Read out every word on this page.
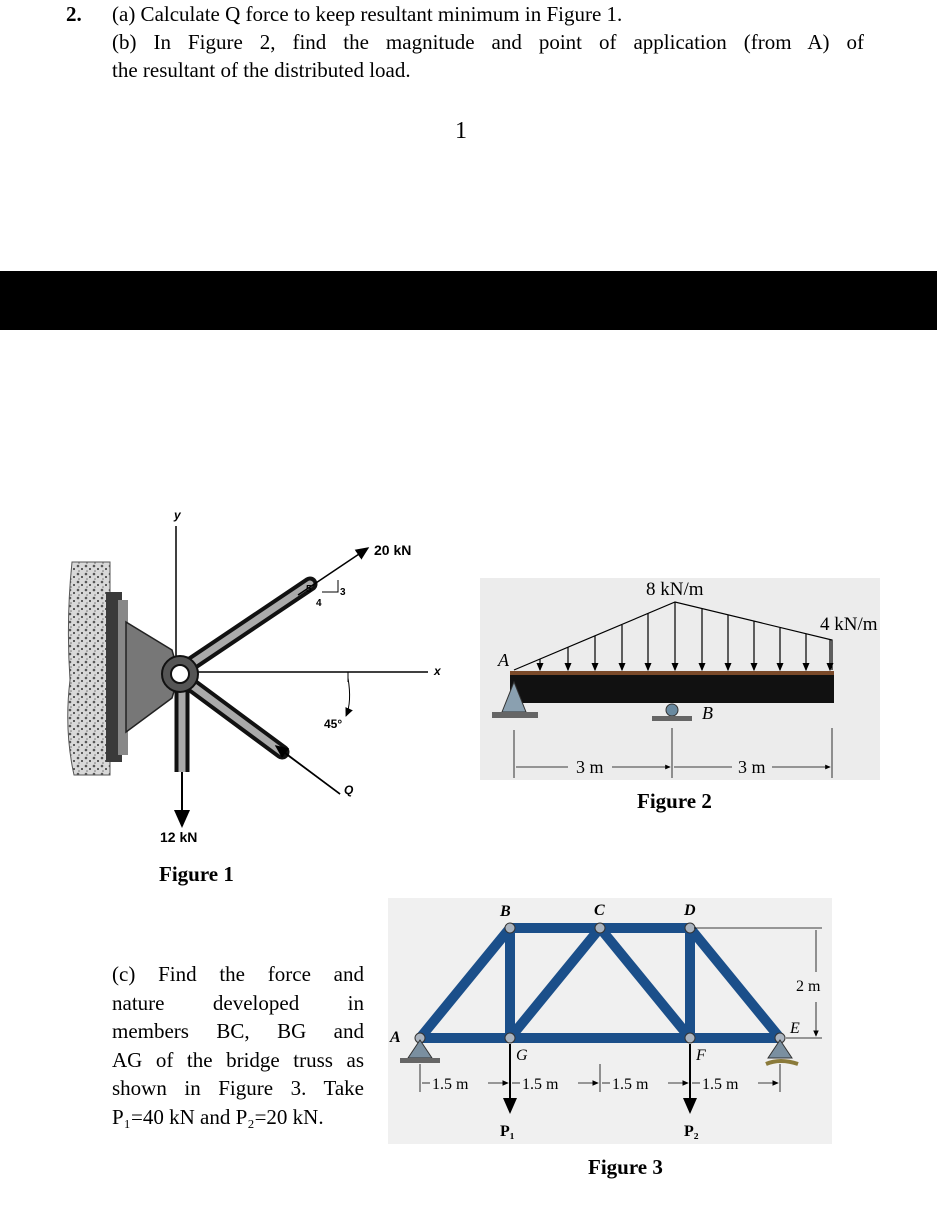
2. (a) Calculate Q force to keep resultant minimum in Figure 1.
(b) In Figure 2, find the magnitude and point of application (from A) of
the resultant of the distributed load.
1
y
x
20 kN
5	3
4
45°
Q
12 kN
Figure 1
8 kN/m
4 kN/m
A
B
3 m	3 m
Figure 2
(c) Find the force and
nature developed in
members BC, BG and
AG of the bridge truss as
shown in Figure 3. Take
P₁=40 kN and P₂=20 kN.
A
B	C	D
E
F
G
2 m
1.5 m	1.5 m	1.5 m	1.5 m
P₁	P₂
Figure 3
